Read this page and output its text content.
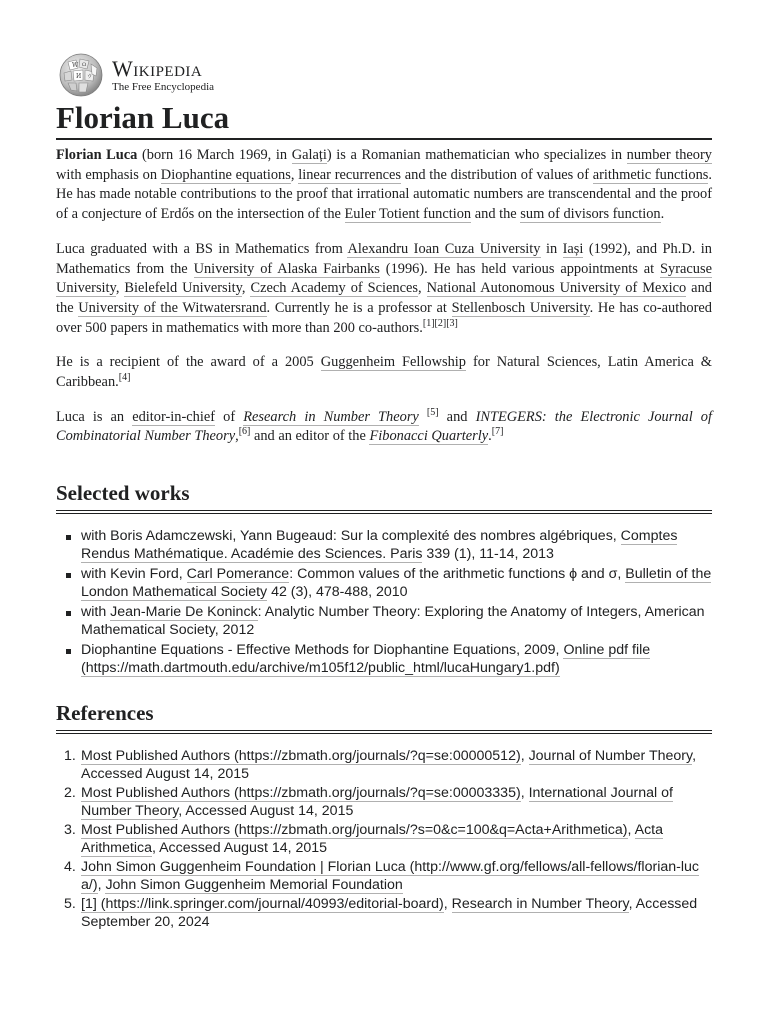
W Ω
И ウ Wikipedia
The Free Encyclopedia
Florian Luca

Florian Luca (born 16 March 1969, in Galați) is a Romanian mathematician who specializes in number theory with emphasis on Diophantine equations, linear recurrences and the distribution of values of arithmetic functions. He has made notable contributions to the proof that irrational automatic numbers are transcendental and the proof of a conjecture of Erdős on the intersection of the Euler Totient function and the sum of divisors function.

Luca graduated with a BS in Mathematics from Alexandru Ioan Cuza University in Iași (1992), and Ph.D. in Mathematics from the University of Alaska Fairbanks (1996). He has held various appointments at Syracuse University, Bielefeld University, Czech Academy of Sciences, National Autonomous University of Mexico and the University of the Witwatersrand. Currently he is a professor at Stellenbosch University. He has co-authored over 500 papers in mathematics with more than 200 co-authors.[1][2][3]

He is a recipient of the award of a 2005 Guggenheim Fellowship for Natural Sciences, Latin America & Caribbean.[4]

Luca is an editor-in-chief of Research in Number Theory [5] and INTEGERS: the Electronic Journal of Combinatorial Number Theory,[6] and an editor of the Fibonacci Quarterly.[7]

Selected works
with Boris Adamczewski, Yann Bugeaud: Sur la complexité des nombres algébriques, Comptes Rendus Mathématique. Académie des Sciences. Paris 339 (1), 11-14, 2013
with Kevin Ford, Carl Pomerance: Common values of the arithmetic functions ϕ and σ, Bulletin of the London Mathematical Society 42 (3), 478-488, 2010
with Jean-Marie De Koninck: Analytic Number Theory: Exploring the Anatomy of Integers, American Mathematical Society, 2012
Diophantine Equations - Effective Methods for Diophantine Equations, 2009, Online pdf file (https://math.dartmouth.edu/archive/m105f12/public_html/lucaHungary1.pdf)
References
1. Most Published Authors (https://zbmath.org/journals/?q=se:00000512), Journal of Number Theory, Accessed August 14, 2015
2. Most Published Authors (https://zbmath.org/journals/?q=se:00003335), International Journal of Number Theory, Accessed August 14, 2015
3. Most Published Authors (https://zbmath.org/journals/?s=0&c=100&q=Acta+Arithmetica), Acta Arithmetica, Accessed August 14, 2015
4. John Simon Guggenheim Foundation | Florian Luca (http://www.gf.org/fellows/all-fellows/florian-luca/), John Simon Guggenheim Memorial Foundation
5. [1] (https://link.springer.com/journal/40993/editorial-board), Research in Number Theory, Accessed September 20, 2024
